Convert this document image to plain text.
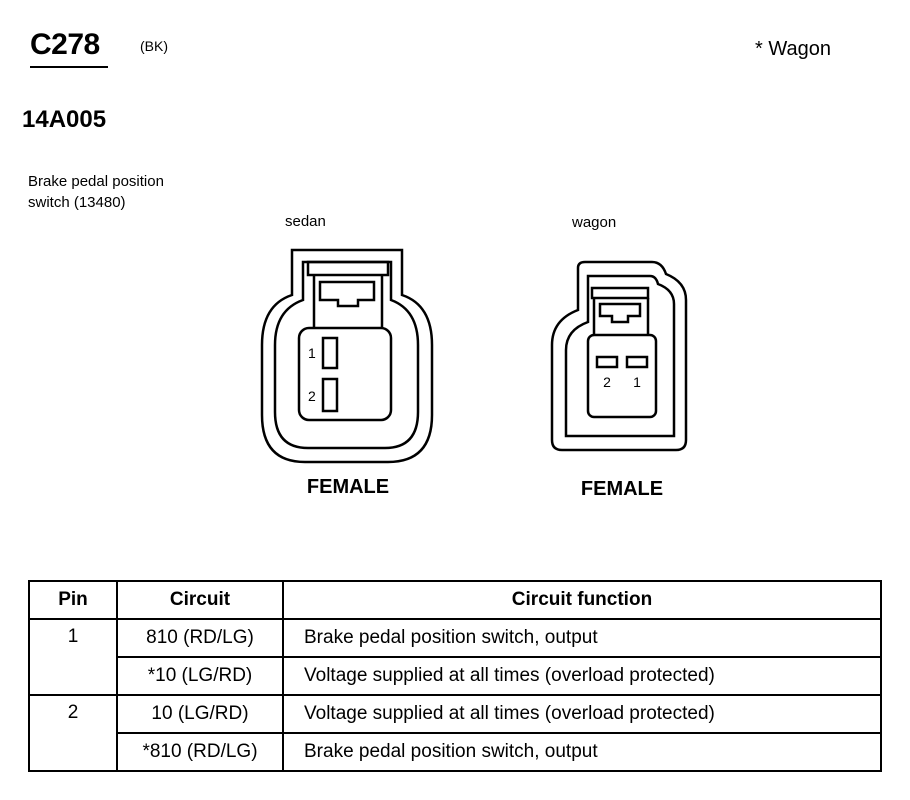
C278	(BK)	* Wagon
14A005
Brake pedal position
switch (13480)
sedan
1
2
FEMALE
wagon
2 1
FEMALE
Pin	Circuit	Circuit function
1	810 (RD/LG)	Brake pedal position switch, output
	*10 (LG/RD)	Voltage supplied at all times (overload protected)
2	10 (LG/RD)	Voltage supplied at all times (overload protected)
	*810 (RD/LG)	Brake pedal position switch, output
